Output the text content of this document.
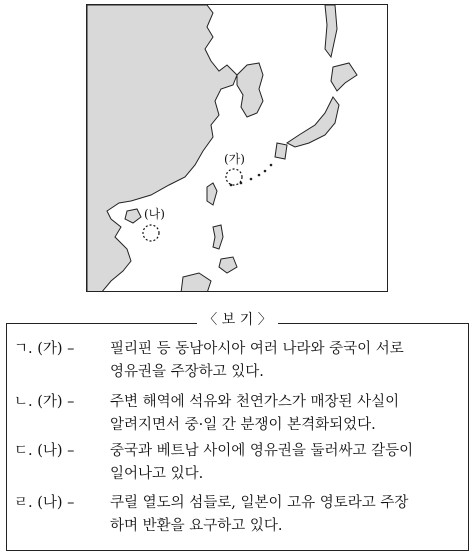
(가)
(나)
〈 보 기 〉
ㄱ. (가) – 필리핀 등 동남아시아 여러 나라와 중국이 서로
영유권을 주장하고 있다.
ㄴ. (가) – 주변 해역에 석유와 천연가스가 매장된 사실이
알려지면서 중·일 간 분쟁이 본격화되었다.
ㄷ. (나) – 중국과 베트남 사이에 영유권을 둘러싸고 갈등이
일어나고 있다.
ㄹ. (나) – 쿠릴 열도의 섬들로, 일본이 고유 영토라고 주장
하며 반환을 요구하고 있다.
